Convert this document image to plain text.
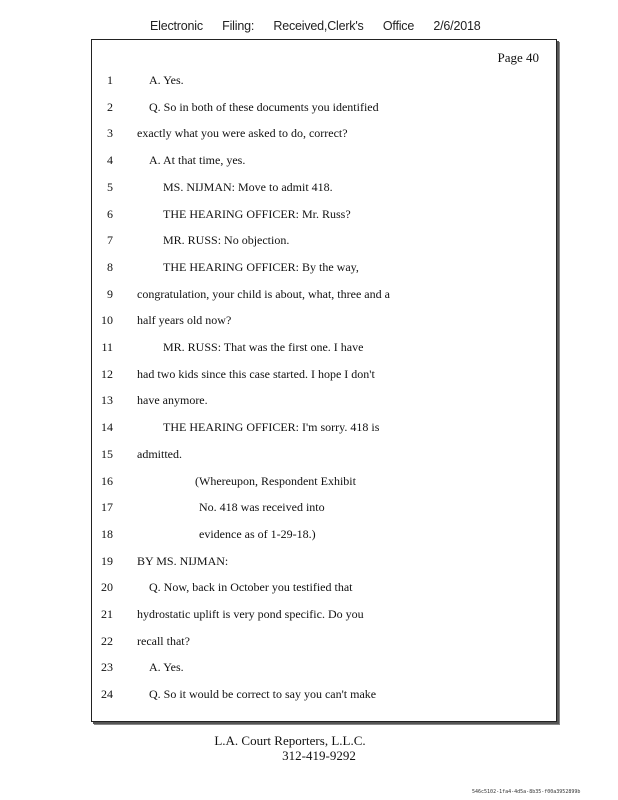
Electronic Filing: Received,Clerk's Office 2/6/2018
Page 40
1	A. Yes.
2	Q. So in both of these documents you identified
3 exactly what you were asked to do, correct?
4	A. At that time, yes.
5	MS. NIJMAN: Move to admit 418.
6	THE HEARING OFFICER: Mr. Russ?
7	MR. RUSS: No objection.
8	THE HEARING OFFICER: By the way,
9 congratulation, your child is about, what, three and a
10 half years old now?
11	MR. RUSS: That was the first one. I have
12 had two kids since this case started. I hope I don't
13 have anymore.
14	THE HEARING OFFICER: I'm sorry. 418 is
15 admitted.
16	(Whereupon, Respondent Exhibit
17	No. 418 was received into
18	evidence as of 1-29-18.)
19 BY MS. NIJMAN:
20	Q. Now, back in October you testified that
21 hydrostatic uplift is very pond specific. Do you
22 recall that?
23	A. Yes.
24	Q. So it would be correct to say you can't make
L.A. Court Reporters, L.L.C.
312-419-9292
546c5102-1fa4-4d5a-8b35-f00a3952899b
